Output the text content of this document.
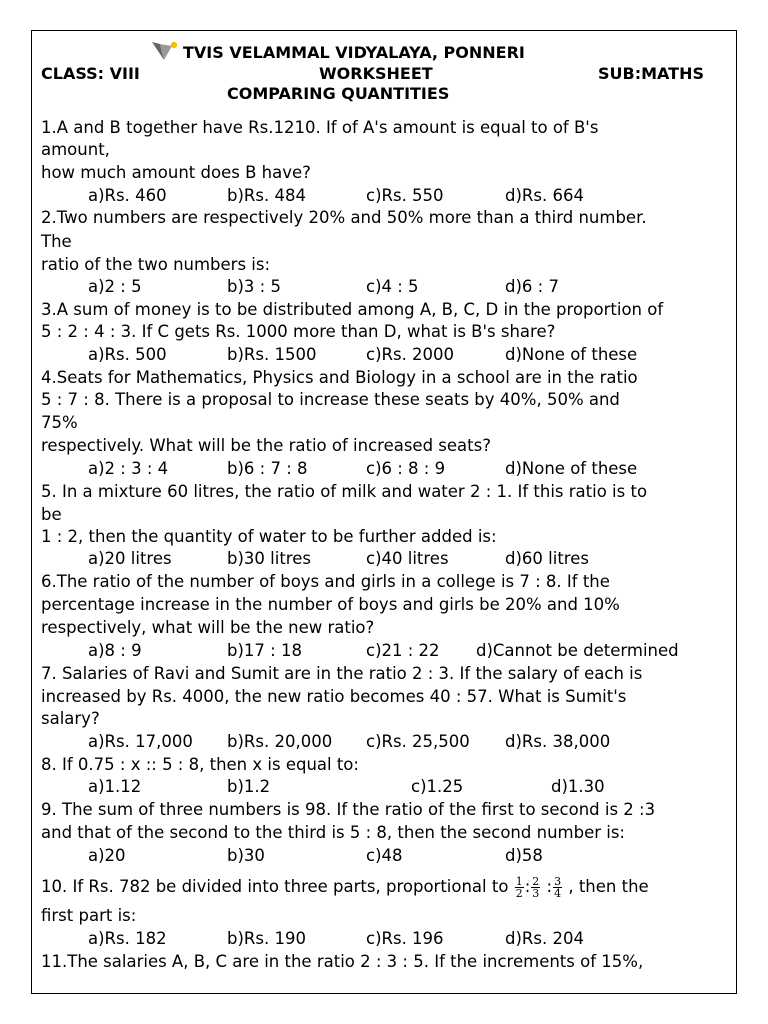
TVIS VELAMMAL VIDYALAYA, PONNERI
CLASS: VIII	WORKSHEET	SUB:MATHS
COMPARING QUANTITIES
1.A and B together have Rs.1210. If of A's amount is equal to of B's
amount,
how much amount does B have?
a)Rs. 460	b)Rs. 484	c)Rs. 550	d)Rs. 664
2.Two numbers are respectively 20% and 50% more than a third number.
The
ratio of the two numbers is:
a)2 : 5	b)3 : 5	c)4 : 5	d)6 : 7
3.A sum of money is to be distributed among A, B, C, D in the proportion of
5 : 2 : 4 : 3. If C gets Rs. 1000 more than D, what is B's share?
a)Rs. 500	b)Rs. 1500	c)Rs. 2000	d)None of these
4.Seats for Mathematics, Physics and Biology in a school are in the ratio
5 : 7 : 8. There is a proposal to increase these seats by 40%, 50% and
75%
respectively. What will be the ratio of increased seats?
a)2 : 3 : 4	b)6 : 7 : 8	c)6 : 8 : 9	d)None of these
5. In a mixture 60 litres, the ratio of milk and water 2 : 1. If this ratio is to
be
1 : 2, then the quantity of water to be further added is:
a)20 litres	b)30 litres	c)40 litres	d)60 litres
6.The ratio of the number of boys and girls in a college is 7 : 8. If the
percentage increase in the number of boys and girls be 20% and 10%
respectively, what will be the new ratio?
a)8 : 9	b)17 : 18	c)21 : 22 d)Cannot be determined
7. Salaries of Ravi and Sumit are in the ratio 2 : 3. If the salary of each is
increased by Rs. 4000, the new ratio becomes 40 : 57. What is Sumit's
salary?
a)Rs. 17,000 b)Rs. 20,000 c)Rs. 25,500 d)Rs. 38,000
8. If 0.75 : x :: 5 : 8, then x is equal to:
a)1.12	b)1.2	c)1.25	d)1.30
9. The sum of three numbers is 98. If the ratio of the first to second is 2 :3
and that of the second to the third is 5 : 8, then the second number is:
a)20	b)30	c)48	d)58
10. If Rs. 782 be divided into three parts, proportional to $\frac{1}{2}$ : $\frac{2}{3}$ : $\frac{3}{4}$ , then the
first part is:
a)Rs. 182	b)Rs. 190	c)Rs. 196	d)Rs. 204
11.The salaries A, B, C are in the ratio 2 : 3 : 5. If the increments of 15%,
